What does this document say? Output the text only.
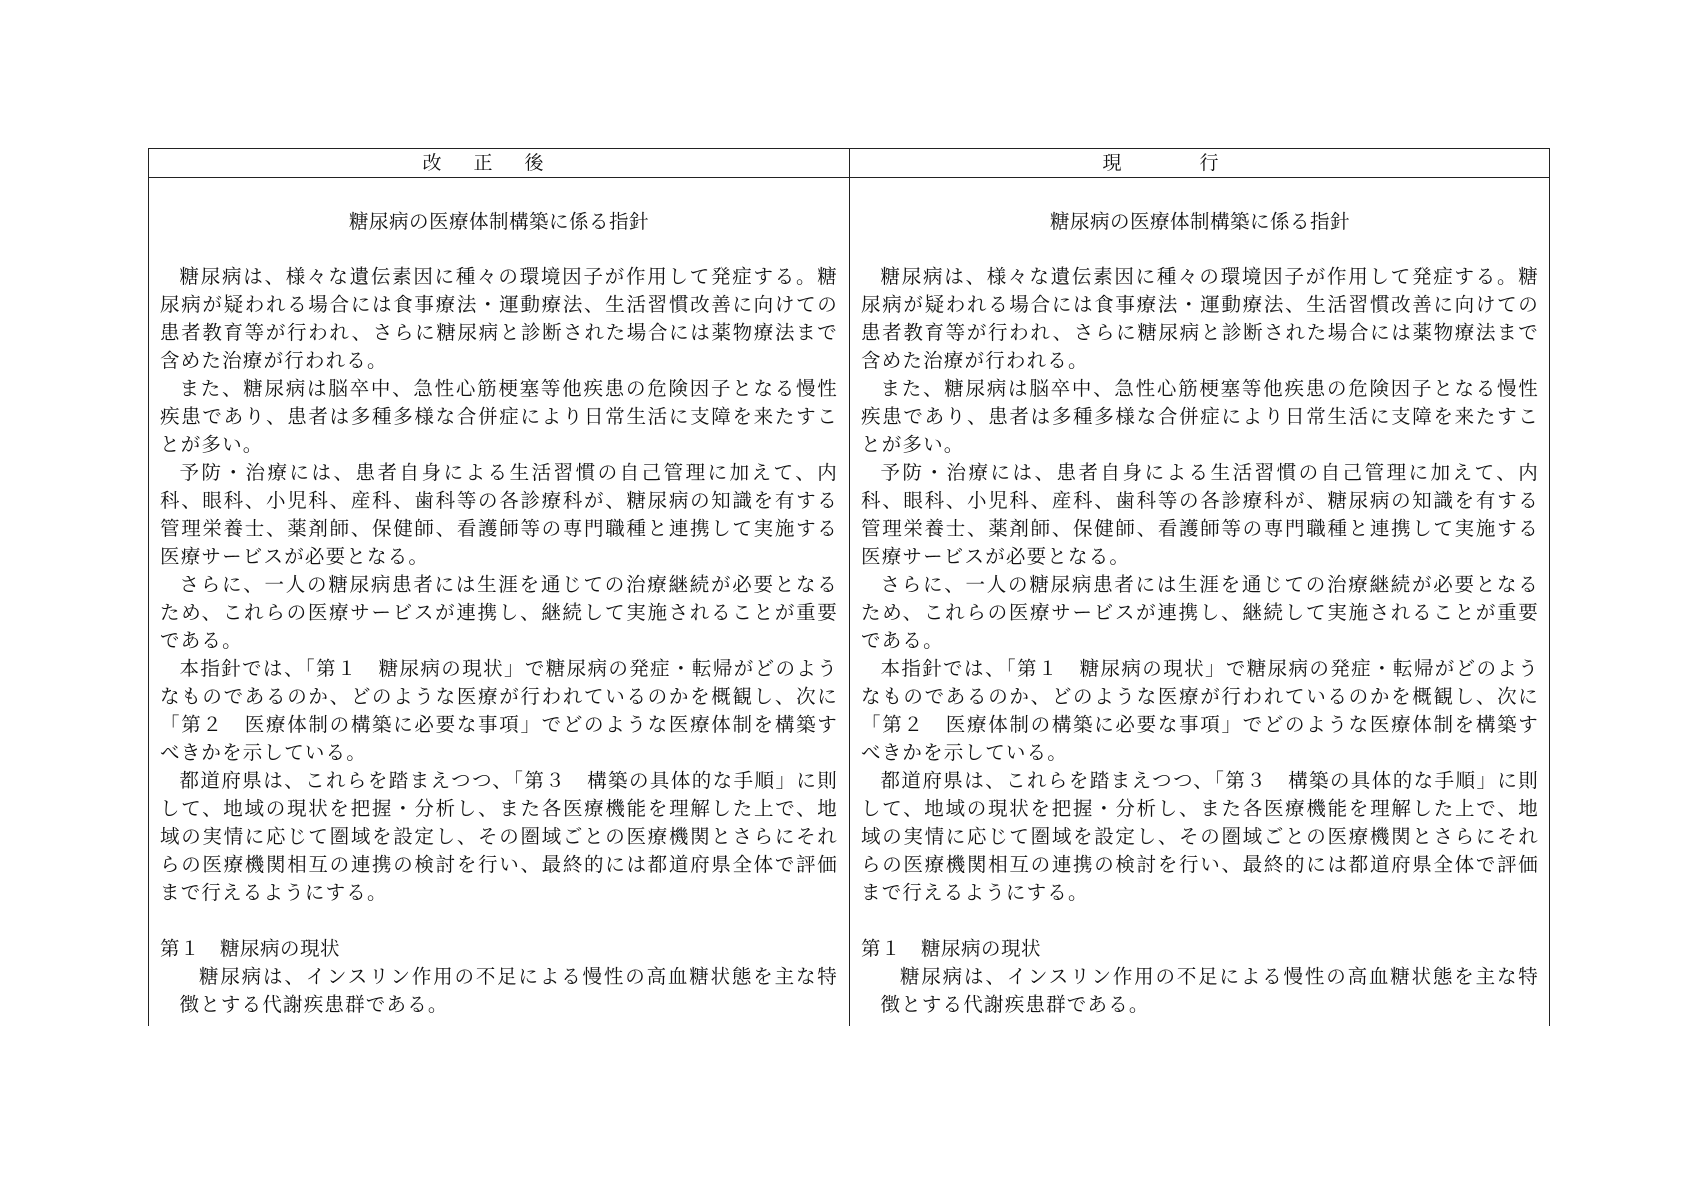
改正後	現行
糖尿病の医療体制構築に係る指針

糖尿病は、様々な遺伝素因に種々の環境因子が作用して発症する。糖尿病が疑われる場合には食事療法・運動療法、生活習慣改善に向けての患者教育等が行われ、さらに糖尿病と診断された場合には薬物療法まで含めた治療が行われる。

また、糖尿病は脳卒中、急性心筋梗塞等他疾患の危険因子となる慢性疾患であり、患者は多種多様な合併症により日常生活に支障を来たすことが多い。

予防・治療には、患者自身による生活習慣の自己管理に加えて、内科、眼科、小児科、産科、歯科等の各診療科が、糖尿病の知識を有する管理栄養士、薬剤師、保健師、看護師等の専門職種と連携して実施する医療サービスが必要となる。

さらに、一人の糖尿病患者には生涯を通じての治療継続が必要となるため、これらの医療サービスが連携し、継続して実施されることが重要である。

本指針では、「第１　糖尿病の現状」で糖尿病の発症・転帰がどのようなものであるのか、どのような医療が行われているのかを概観し、次に「第２　医療体制の構築に必要な事項」でどのような医療体制を構築すべきかを示している。

都道府県は、これらを踏まえつつ、「第３　構築の具体的な手順」に則して、地域の現状を把握・分析し、また各医療機能を理解した上で、地域の実情に応じて圏域を設定し、その圏域ごとの医療機関とさらにそれらの医療機関相互の連携の検討を行い、最終的には都道府県全体で評価まで行えるようにする。

第１　糖尿病の現状

糖尿病は、インスリン作用の不足による慢性の高血糖状態を主な特徴とする代謝疾患群である。

糖尿病の医療体制構築に係る指針

糖尿病は、様々な遺伝素因に種々の環境因子が作用して発症する。糖尿病が疑われる場合には食事療法・運動療法、生活習慣改善に向けての患者教育等が行われ、さらに糖尿病と診断された場合には薬物療法まで含めた治療が行われる。

また、糖尿病は脳卒中、急性心筋梗塞等他疾患の危険因子となる慢性疾患であり、患者は多種多様な合併症により日常生活に支障を来たすことが多い。

予防・治療には、患者自身による生活習慣の自己管理に加えて、内科、眼科、小児科、産科、歯科等の各診療科が、糖尿病の知識を有する管理栄養士、薬剤師、保健師、看護師等の専門職種と連携して実施する医療サービスが必要となる。

さらに、一人の糖尿病患者には生涯を通じての治療継続が必要となるため、これらの医療サービスが連携し、継続して実施されることが重要である。

本指針では、「第１　糖尿病の現状」で糖尿病の発症・転帰がどのようなものであるのか、どのような医療が行われているのかを概観し、次に「第２　医療体制の構築に必要な事項」でどのような医療体制を構築すべきかを示している。

都道府県は、これらを踏まえつつ、「第３　構築の具体的な手順」に則して、地域の現状を把握・分析し、また各医療機能を理解した上で、地域の実情に応じて圏域を設定し、その圏域ごとの医療機関とさらにそれらの医療機関相互の連携の検討を行い、最終的には都道府県全体で評価まで行えるようにする。

第１　糖尿病の現状

糖尿病は、インスリン作用の不足による慢性の高血糖状態を主な特徴とする代謝疾患群である。
